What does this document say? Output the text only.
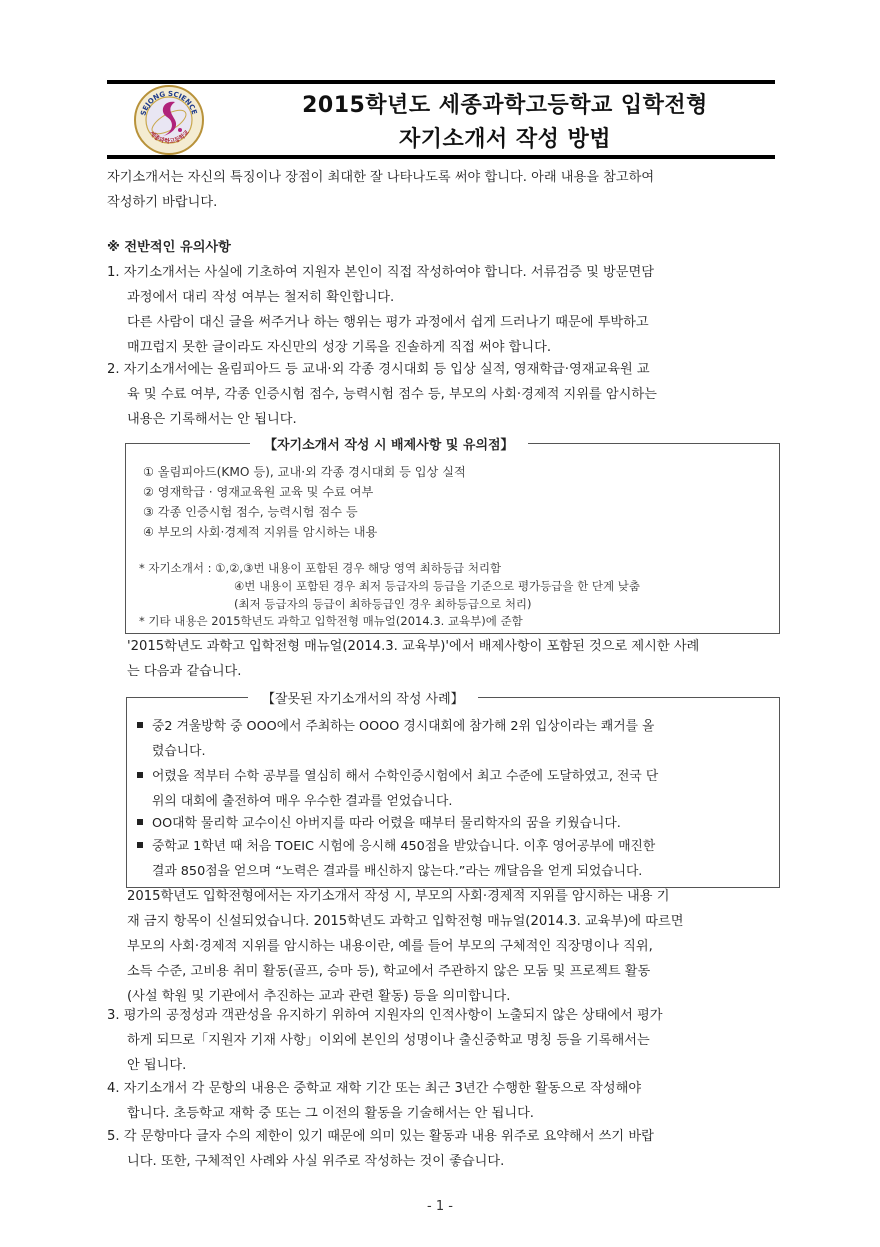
SEJONG SCIENCE
세종과학고등학교
2015학년도 세종과학고등학교 입학전형
자기소개서 작성 방법
자기소개서는 자신의 특징이나 장점이 최대한 잘 나타나도록 써야 합니다. 아래 내용을 참고하여
작성하기 바랍니다.
※ 전반적인 유의사항
1. 자기소개서는 사실에 기초하여 지원자 본인이 직접 작성하여야 합니다. 서류검증 및 방문면담
과정에서 대리 작성 여부는 철저히 확인합니다.
다른 사람이 대신 글을 써주거나 하는 행위는 평가 과정에서 쉽게 드러나기 때문에 투박하고
매끄럽지 못한 글이라도 자신만의 성장 기록을 진솔하게 직접 써야 합니다.
2. 자기소개서에는 올림피아드 등 교내·외 각종 경시대회 등 입상 실적, 영재학급·영재교육원 교
육 및 수료 여부, 각종 인증시험 점수, 능력시험 점수 등, 부모의 사회·경제적 지위를 암시하는
내용은 기록해서는 안 됩니다.
【자기소개서 작성 시 배제사항 및 유의점】
① 올림피아드(KMO 등), 교내·외 각종 경시대회 등 입상 실적
② 영재학급 · 영재교육원 교육 및 수료 여부
③ 각종 인증시험 점수, 능력시험 점수 등
④ 부모의 사회·경제적 지위를 암시하는 내용
* 자기소개서 : ①,②,③번 내용이 포함된 경우 해당 영역 최하등급 처리함
④번 내용이 포함된 경우 최저 등급자의 등급을 기준으로 평가등급을 한 단계 낮춤
(최저 등급자의 등급이 최하등급인 경우 최하등급으로 처리)
* 기타 내용은 2015학년도 과학고 입학전형 매뉴얼(2014.3. 교육부)에 준함
'2015학년도 과학고 입학전형 매뉴얼(2014.3. 교육부)'에서 배제사항이 포함된 것으로 제시한 사례
는 다음과 같습니다.
【잘못된 자기소개서의 작성 사례】
중2 겨울방학 중 OOO에서 주최하는 OOOO 경시대회에 참가해 2위 입상이라는 쾌거를 올
렸습니다.
어렸을 적부터 수학 공부를 열심히 해서 수학인증시험에서 최고 수준에 도달하였고, 전국 단
위의 대회에 출전하여 매우 우수한 결과를 얻었습니다.
OO대학 물리학 교수이신 아버지를 따라 어렸을 때부터 물리학자의 꿈을 키웠습니다.
중학교 1학년 때 처음 TOEIC 시험에 응시해 450점을 받았습니다. 이후 영어공부에 매진한
결과 850점을 얻으며 “노력은 결과를 배신하지 않는다.”라는 깨달음을 얻게 되었습니다.
2015학년도 입학전형에서는 자기소개서 작성 시, 부모의 사회·경제적 지위를 암시하는 내용 기
재 금지 항목이 신설되었습니다. 2015학년도 과학고 입학전형 매뉴얼(2014.3. 교육부)에 따르면
부모의 사회·경제적 지위를 암시하는 내용이란, 예를 들어 부모의 구체적인 직장명이나 직위,
소득 수준, 고비용 취미 활동(골프, 승마 등), 학교에서 주관하지 않은 모둠 및 프로젝트 활동
(사설 학원 및 기관에서 추진하는 교과 관련 활동) 등을 의미합니다.
3. 평가의 공정성과 객관성을 유지하기 위하여 지원자의 인적사항이 노출되지 않은 상태에서 평가
하게 되므로「지원자 기재 사항」이외에 본인의 성명이나 출신중학교 명칭 등을 기록해서는
안 됩니다.
4. 자기소개서 각 문항의 내용은 중학교 재학 기간 또는 최근 3년간 수행한 활동으로 작성해야
합니다. 초등학교 재학 중 또는 그 이전의 활동을 기술해서는 안 됩니다.
5. 각 문항마다 글자 수의 제한이 있기 때문에 의미 있는 활동과 내용 위주로 요약해서 쓰기 바랍
니다. 또한, 구체적인 사례와 사실 위주로 작성하는 것이 좋습니다.
- 1 -
